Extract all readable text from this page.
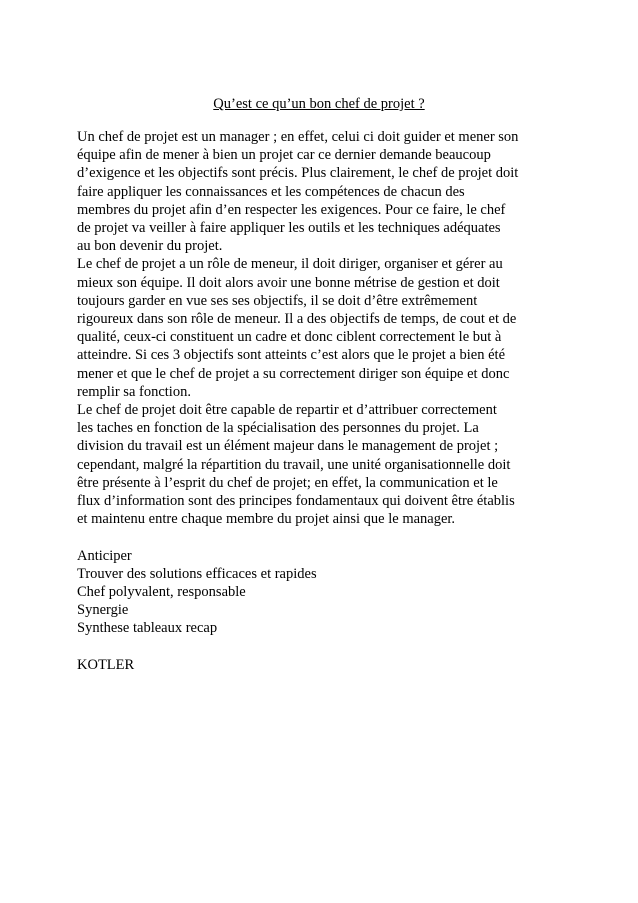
Qu’est ce qu’un bon chef de projet ?
Un chef de projet est un manager ; en effet, celui ci doit guider et mener son
équipe afin de mener à bien un projet car ce dernier demande beaucoup
d’exigence et les objectifs sont précis. Plus clairement, le chef de projet doit
faire appliquer les connaissances et les compétences de chacun des
membres du projet afin d’en respecter les exigences. Pour ce faire, le chef
de projet va veiller à faire appliquer les outils et les techniques adéquates
au bon devenir du projet.
Le chef de projet a un rôle de meneur, il doit diriger, organiser et gérer au
mieux son équipe. Il doit alors avoir une bonne métrise de gestion et doit
toujours garder en vue ses ses objectifs, il se doit d’être extrêmement
rigoureux dans son rôle de meneur. Il a des objectifs de temps, de cout et de
qualité, ceux-ci constituent un cadre et donc ciblent correctement le but à
atteindre. Si ces 3 objectifs sont atteints c’est alors que le projet a bien été
mener et que le chef de projet a su correctement diriger son équipe et donc
remplir sa fonction.
Le chef de projet doit être capable de repartir et d’attribuer correctement
les taches en fonction de la spécialisation des personnes du projet. La
division du travail est un élément majeur dans le management de projet ;
cependant, malgré la répartition du travail, une unité organisationnelle doit
être présente à l’esprit du chef de projet; en effet, la communication et le
flux d’information sont des principes fondamentaux qui doivent être établis
et maintenu entre chaque membre du projet ainsi que le manager.
Anticiper
Trouver des solutions efficaces et rapides
Chef polyvalent, responsable
Synergie
Synthese tableaux recap
KOTLER
